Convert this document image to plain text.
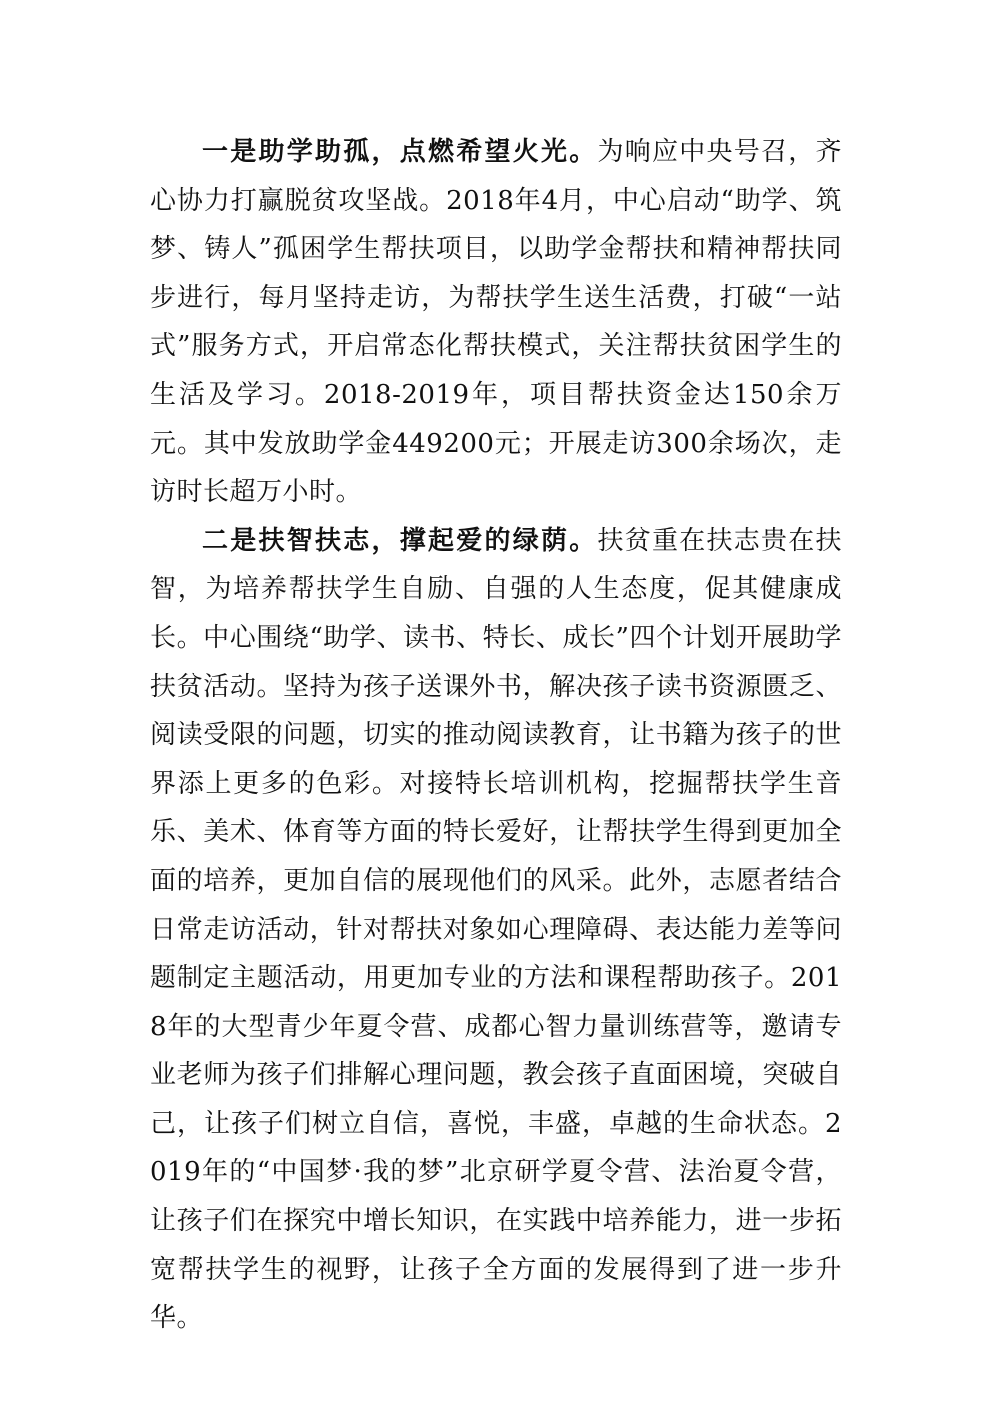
一是助学助孤，点燃希望火光。为响应中央号召，齐心协力打赢脱贫攻坚战。2018年4月，中心启动“助学、筑梦、铸人”孤困学生帮扶项目，以助学金帮扶和精神帮扶同步进行，每月坚持走访，为帮扶学生送生活费，打破“一站式”服务方式，开启常态化帮扶模式，关注帮扶贫困学生的生活及学习。2018-2019年，项目帮扶资金达150余万元。其中发放助学金449200元；开展走访300余场次，走访时长超万小时。

二是扶智扶志，撑起爱的绿荫。扶贫重在扶志贵在扶智，为培养帮扶学生自励、自强的人生态度，促其健康成长。中心围绕“助学、读书、特长、成长”四个计划开展助学扶贫活动。坚持为孩子送课外书，解决孩子读书资源匮乏、阅读受限的问题，切实的推动阅读教育，让书籍为孩子的世界添上更多的色彩。对接特长培训机构，挖掘帮扶学生音乐、美术、体育等方面的特长爱好，让帮扶学生得到更加全面的培养，更加自信的展现他们的风采。此外，志愿者结合日常走访活动，针对帮扶对象如心理障碍、表达能力差等问题制定主题活动，用更加专业的方法和课程帮助孩子。2018年的大型青少年夏令营、成都心智力量训练营等，邀请专业老师为孩子们排解心理问题，教会孩子直面困境，突破自己，让孩子们树立自信，喜悦，丰盛，卓越的生命状态。2019年的“中国梦·我的梦”北京研学夏令营、法治夏令营，让孩子们在探究中增长知识，在实践中培养能力，进一步拓宽帮扶学生的视野，让孩子全方面的发展得到了进一步升华。
